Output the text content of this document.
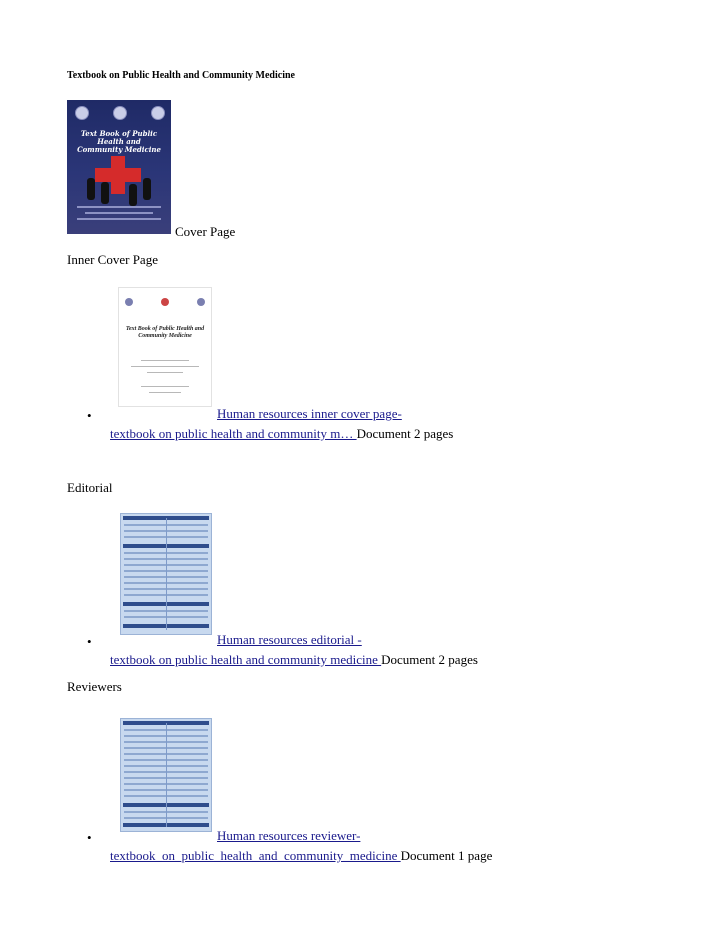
Textbook on Public Health and Community Medicine
Text Book of Public Health and Community Medicine
Cover Page
Inner Cover Page
Text Book of Public Health and Community Medicine
•	Human resources inner cover page-
textbook on public health and community m… Document 2 pages
Editorial
•	Human resources editorial -
textbook on public health and community medicine Document 2 pages
Reviewers
•	Human resources reviewer-
textbook_on_public_health_and_community_medicine Document 1 page
